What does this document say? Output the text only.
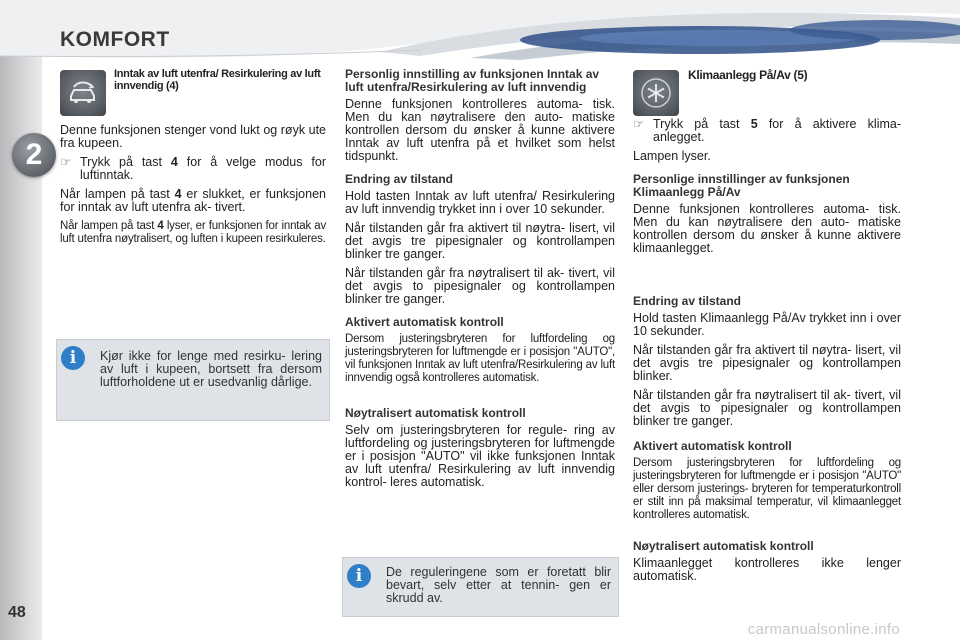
KOMFORT
2
48
Inntak av luft utenfra/ Resirkulering av luft innvendig (4)

Denne funksjonen stenger vond lukt og røyk ute fra kupeen.

☞ Trykk på tast 4 for å velge modus for luftinntak.

Når lampen på tast 4 er slukket, er funksjonen for inntak av luft utenfra ak- tivert.

Når lampen på tast 4 lyser, er funksjonen for inntak av luft utenfra nøytralisert, og luften i kupeen resirkuleres.

i	Kjør ikke for lenge med resirku- lering av luft i kupeen, bortsett fra dersom luftforholdene ut er usedvanlig dårlige.
Personlig innstilling av funksjonen Inntak av luft utenfra/Resirkulering av luft innvendig

Denne funksjonen kontrolleres automa- tisk. Men du kan nøytralisere den auto- matiske kontrollen dersom du ønsker å kunne aktivere Inntak av luft utenfra på et hvilket som helst tidspunkt.

Endring av tilstand

Hold tasten Inntak av luft utenfra/ Resirkulering av luft innvendig trykket inn i over 10 sekunder.

Når tilstanden går fra aktivert til nøytra- lisert, vil det avgis tre pipesignaler og kontrollampen blinker tre ganger.

Når tilstanden går fra nøytralisert til ak- tivert, vil det avgis to pipesignaler og kontrollampen blinker tre ganger.

Aktivert automatisk kontroll

Dersom justeringsbryteren for luftfordeling og justeringsbryteren for luftmengde er i posisjon "AUTO", vil funksjonen Inntak av luft utenfra/Resirkulering av luft innvendig også kontrolleres automatisk.

Nøytralisert automatisk kontroll

Selv om justeringsbryteren for regule- ring av luftfordeling og justeringsbryteren for luftmengde er i posisjon "AUTO" vil ikke funksjonen Inntak av luft utenfra/ Resirkulering av luft innvendig kontrol- leres automatisk.

i	De reguleringene som er foretatt blir bevart, selv etter at tennin- gen er skrudd av.
Klimaanlegg På/Av (5)
☞ Trykk på tast 5 for å aktivere klima- anlegget.

Lampen lyser.

Personlige innstillinger av funksjonen Klimaanlegg På/Av

Denne funksjonen kontrolleres automa- tisk. Men du kan nøytralisere den auto- matiske kontrollen dersom du ønsker å kunne aktivere klimaanlegget.

Endring av tilstand

Hold tasten Klimaanlegg På/Av trykket inn i over 10 sekunder.

Når tilstanden går fra aktivert til nøytra- lisert, vil det avgis tre pipesignaler og kontrollampen blinker.

Når tilstanden går fra nøytralisert til ak- tivert, vil det avgis to pipesignaler og kontrollampen blinker tre ganger.

Aktivert automatisk kontroll

Dersom justeringsbryteren for luftfordeling og justeringsbryteren for luftmengde er i posisjon "AUTO" eller dersom justerings- bryteren for temperaturkontroll er stilt inn på maksimal temperatur, vil klimaanlegget kontrolleres automatisk.

Nøytralisert automatisk kontroll

Klimaanlegget kontrolleres ikke lenger automatisk.

carmanualsonline.info
